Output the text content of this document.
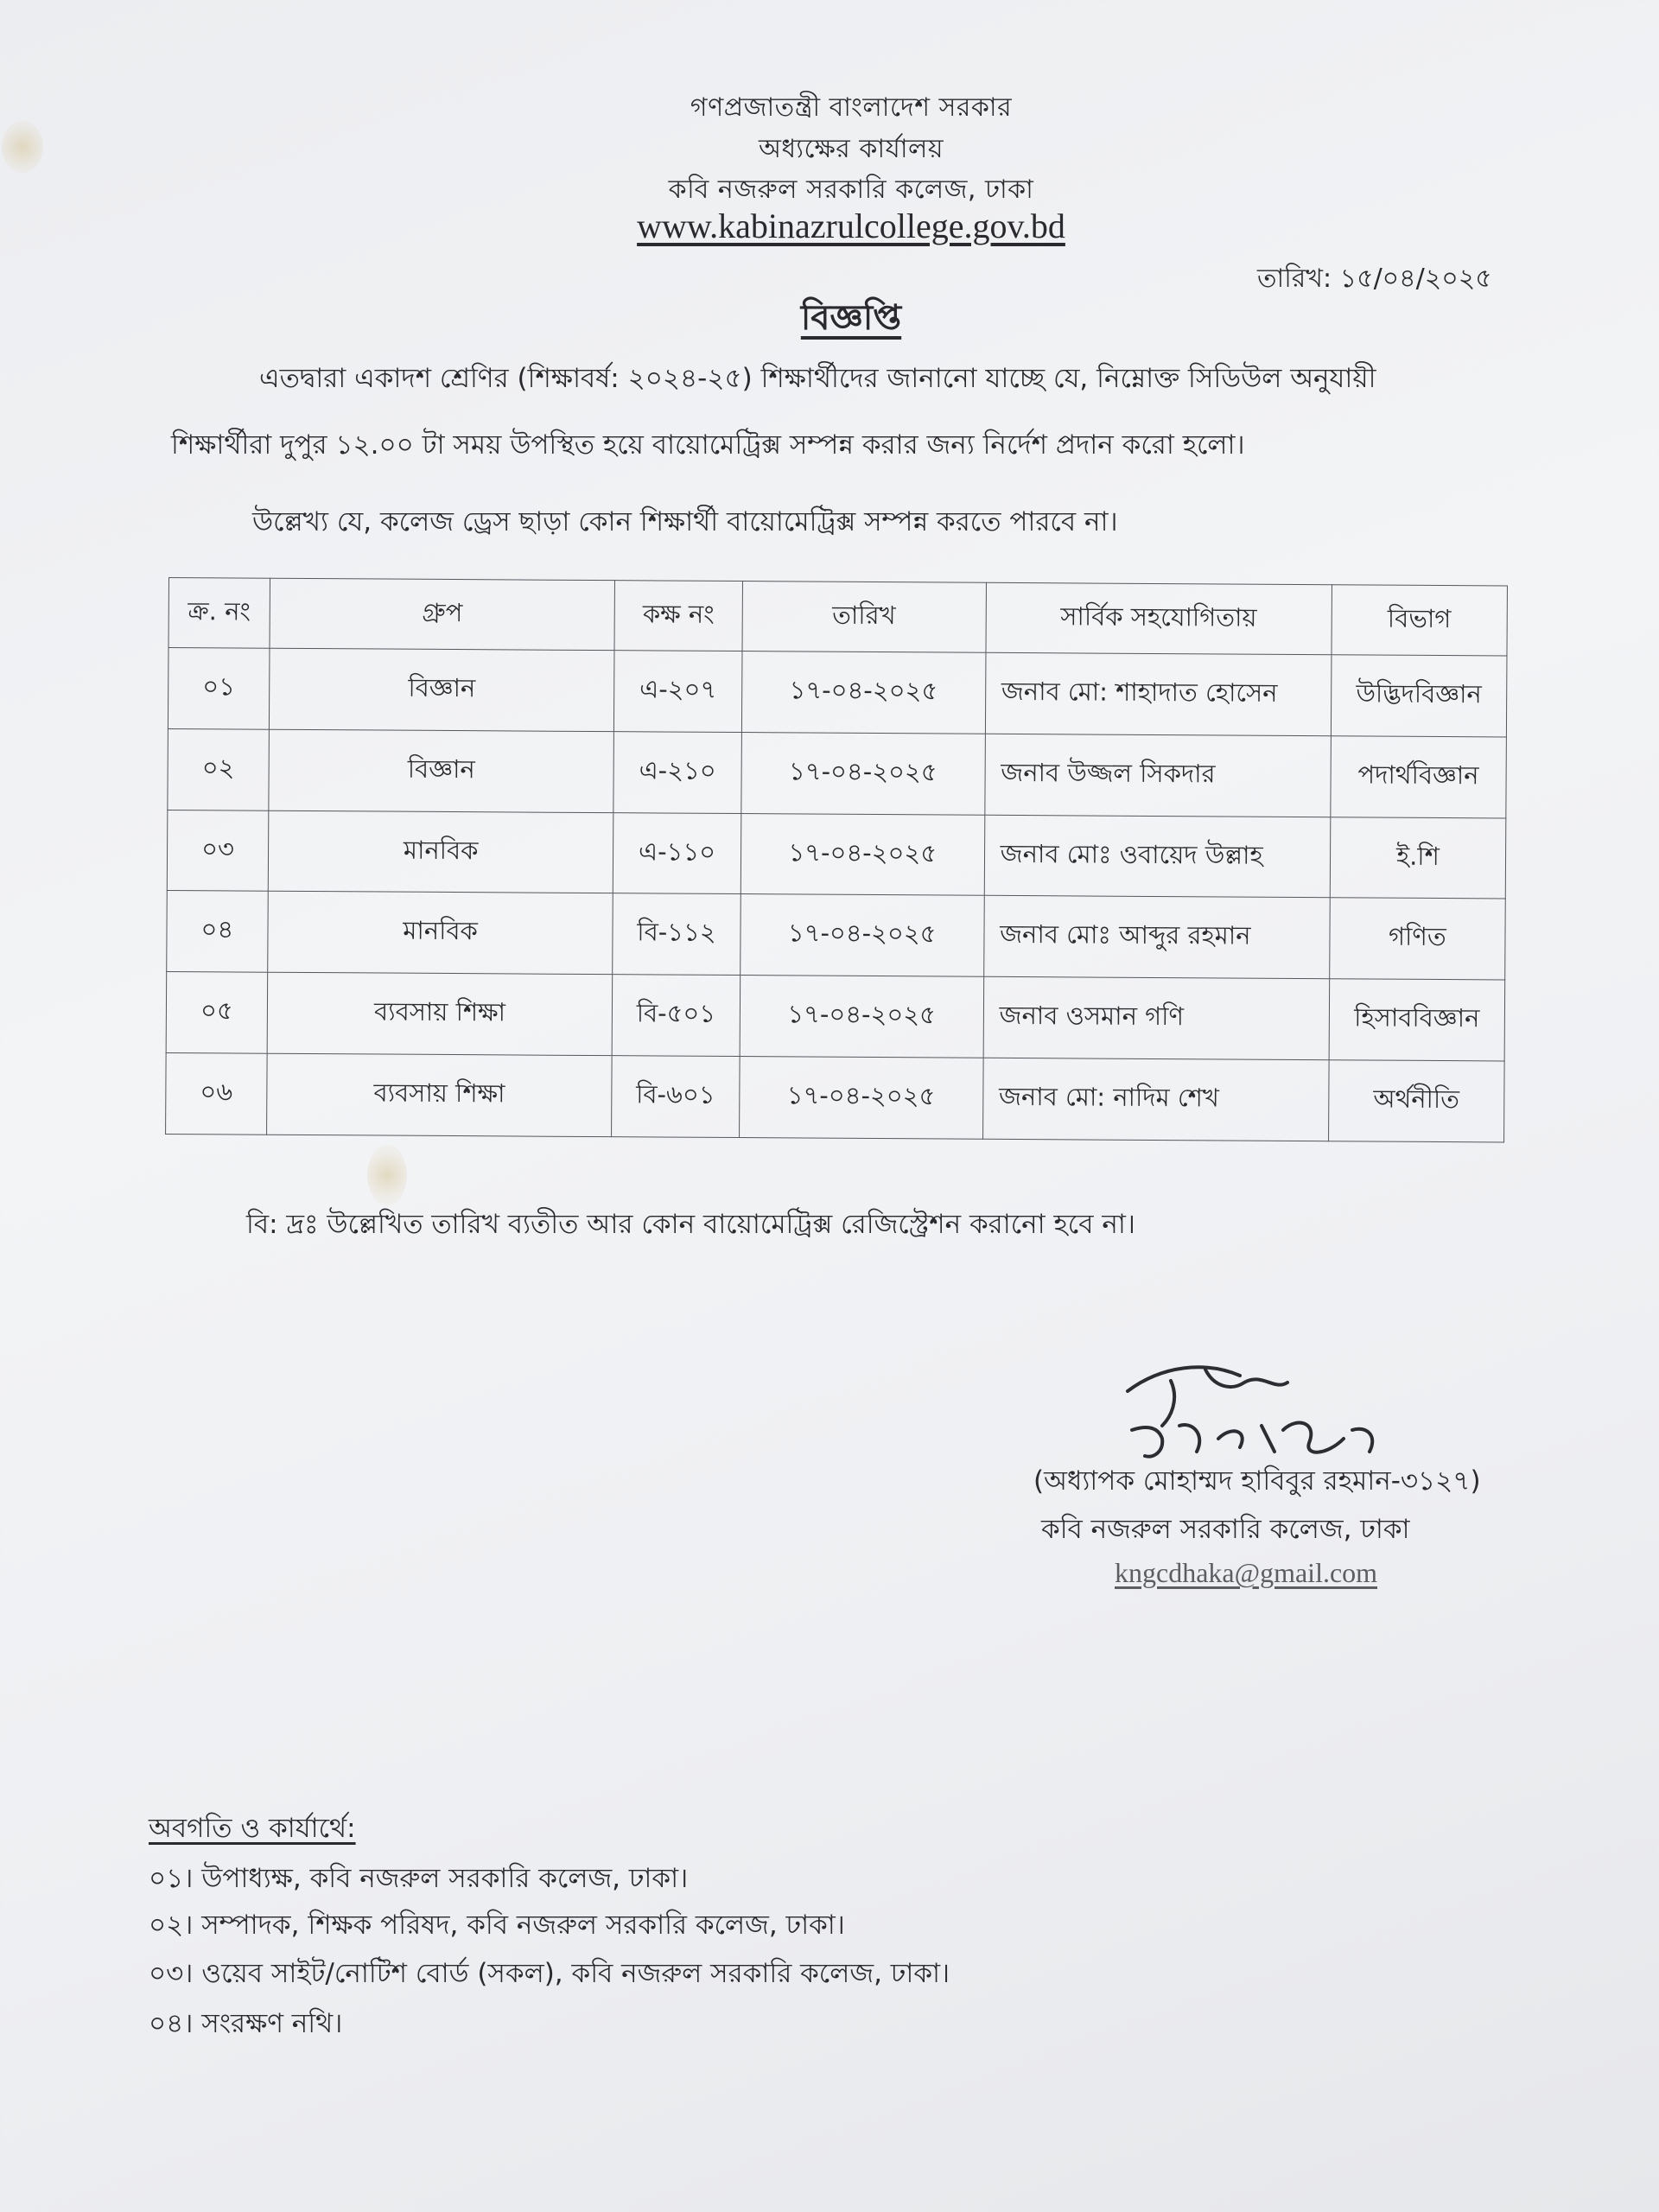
গণপ্রজাতন্ত্রী বাংলাদেশ সরকার
অধ্যক্ষের কার্যালয়
কবি নজরুল সরকারি কলেজ, ঢাকা
www.kabinazrulcollege.gov.bd
তারিখ: ১৫/০৪/২০২৫
বিজ্ঞপ্তি
এতদ্বারা একাদশ শ্রেণির (শিক্ষাবর্ষ: ২০২৪-২৫) শিক্ষার্থীদের জানানো যাচ্ছে যে, নিম্নোক্ত সিডিউল অনুযায়ী
শিক্ষার্থীরা দুপুর ১২.০০ টা সময় উপস্থিত হয়ে বায়োমেট্রিক্স সম্পন্ন করার জন্য নির্দেশ প্রদান করো হলো।
উল্লেখ্য যে, কলেজ ড্রেস ছাড়া কোন শিক্ষার্থী বায়োমেট্রিক্স সম্পন্ন করতে পারবে না।
ক্র. নং	গ্রুপ	কক্ষ নং	তারিখ	সার্বিক সহযোগিতায়	বিভাগ
০১	বিজ্ঞান	এ-২০৭	১৭-০৪-২০২৫	জনাব মো: শাহাদাত হোসেন	উদ্ভিদবিজ্ঞান
০২	বিজ্ঞান	এ-২১০	১৭-০৪-২০২৫	জনাব উজ্জল সিকদার	পদার্থবিজ্ঞান
০৩	মানবিক	এ-১১০	১৭-০৪-২০২৫	জনাব মোঃ ওবায়েদ উল্লাহ	ই.শি
০৪	মানবিক	বি-১১২	১৭-০৪-২০২৫	জনাব মোঃ আব্দুর রহমান	গণিত
০৫	ব্যবসায় শিক্ষা	বি-৫০১	১৭-০৪-২০২৫	জনাব ওসমান গণি	হিসাববিজ্ঞান
০৬	ব্যবসায় শিক্ষা	বি-৬০১	১৭-০৪-২০২৫	জনাব মো: নাদিম শেখ	অর্থনীতি
বি: দ্রঃ উল্লেখিত তারিখ ব্যতীত আর কোন বায়োমেট্রিক্স রেজিস্ট্রেশন করানো হবে না।
(অধ্যাপক মোহাম্মদ হাবিবুর রহমান-৩১২৭)
কবি নজরুল সরকারি কলেজ, ঢাকা
kngcdhaka@gmail.com
অবগতি ও কার্যার্থে:
০১। উপাধ্যক্ষ, কবি নজরুল সরকারি কলেজ, ঢাকা।
০২। সম্পাদক, শিক্ষক পরিষদ, কবি নজরুল সরকারি কলেজ, ঢাকা।
০৩। ওয়েব সাইট/নোটিশ বোর্ড (সকল), কবি নজরুল সরকারি কলেজ, ঢাকা।
০৪। সংরক্ষণ নথি।
